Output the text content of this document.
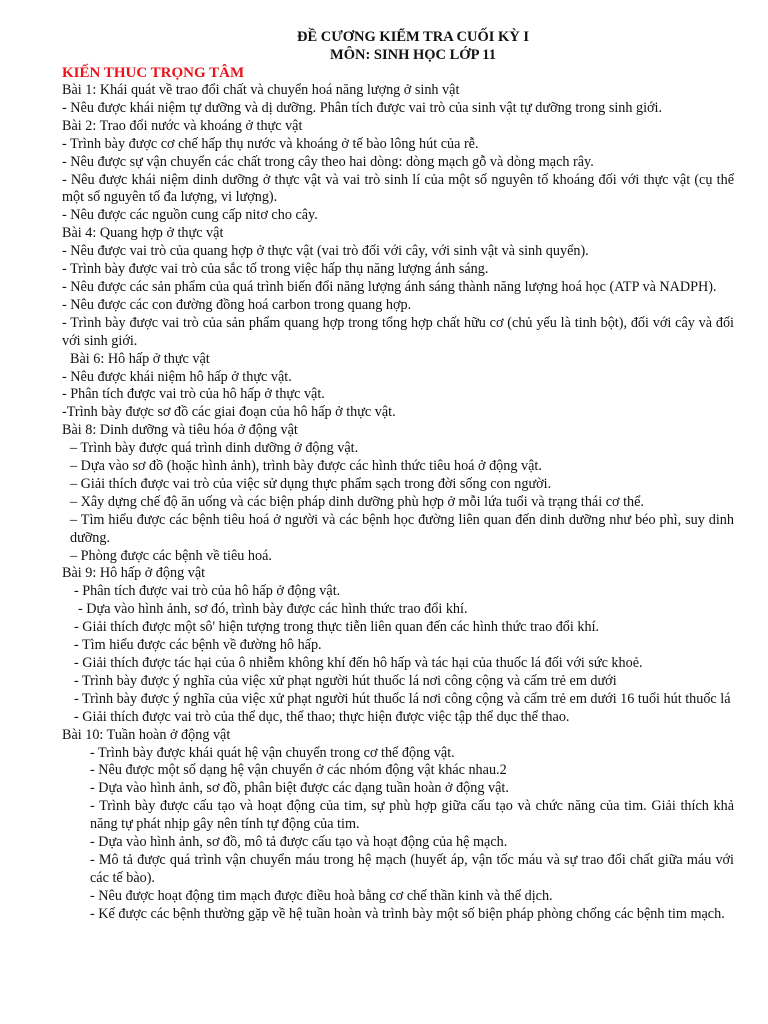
ĐỀ CƯƠNG KIỂM TRA CUỐI KỲ I

MÔN: SINH HỌC LỚP 11

KIẾN THUC TRỌNG TÂM

Bài 1: Khái quát về trao đổi chất và chuyển hoá năng lượng ở sinh vật

- Nêu được khái niệm tự dưỡng và dị dưỡng. Phân tích được vai trò của sinh vật tự dưỡng trong sinh giới.

Bài 2: Trao đổi nước và khoáng ở thực vật

- Trình bày được cơ chế hấp thụ nước và khoáng ở tế bào lông hút của rễ.

- Nêu được sự vận chuyển các chất trong cây theo hai dòng: dòng mạch gỗ và dòng mạch rây.

- Nêu được khái niệm dinh dưỡng ở thực vật và vai trò sinh lí của một số nguyên tố khoáng đối với thực vật (cụ thể một số nguyên tố đa lượng, vi lượng).

- Nêu được các nguồn cung cấp nitơ cho cây.

Bài 4: Quang hợp ở thực vật

- Nêu được vai trò của quang hợp ở thực vật (vai trò đối với cây, với sinh vật và sinh quyển).

- Trình bày được vai trò của sắc tố trong việc hấp thụ năng lượng ánh sáng.

- Nêu được các sản phẩm của quá trình biến đổi năng lượng ánh sáng thành năng lượng hoá học (ATP và NADPH).

- Nêu được các con đường đồng hoá carbon trong quang hợp.

- Trình bày được vai trò của sản phẩm quang hợp trong tổng hợp chất hữu cơ (chủ yếu là tinh bột), đối với cây và đối với sinh giới.

Bài 6: Hô hấp ở thực vật

- Nêu được khái niệm hô hấp ở thực vật.

- Phân tích được vai trò của hô hấp ở thực vật.

-Trình bày được sơ đồ các giai đoạn của hô hấp ở thực vật.

Bài 8: Dinh dưỡng và tiêu hóa ở động vật

– Trình bày được quá trình dinh dưỡng ở động vật.

– Dựa vào sơ đồ (hoặc hình ảnh), trình bày được các hình thức tiêu hoá ở động vật.

– Giải thích được vai trò của việc sử dụng thực phẩm sạch trong đời sống con người.

– Xây dựng chế độ ăn uống và các biện pháp dinh dưỡng phù hợp ở mỗi lứa tuổi và trạng thái cơ thể.

– Tìm hiểu được các bệnh tiêu hoá ở người và các bệnh học đường liên quan đến dinh dưỡng như béo phì, suy dinh dưỡng.

– Phòng được các bệnh về tiêu hoá.

Bài 9: Hô hấp ở động vật

- Phân tích được vai trò của hô hấp ở động vật.

- Dựa vào hình ảnh, sơ đó, trình bày được các hình thức trao đổi khí.

- Giải thích được một sô' hiện tượng trong thực tiễn liên quan đến các hình thức trao đổi khí.

- Tìm hiểu được các bệnh về đường hô hấp.

- Giải thích được tác hại của ô nhiễm không khí đến hô hấp và tác hại của thuốc lá đối với sức khoẻ.

- Trình bày được ý nghĩa của việc xử phạt người hút thuốc lá nơi công cộng và cấm trẻ em dưới

- Trình bày được ý nghĩa của việc xử phạt người hút thuốc lá nơi công cộng và cấm trẻ em dưới 16 tuổi hút thuốc lá

- Giải thích được vai trò của thể dục, thể thao; thực hiện được việc tập thể dục thể thao.

Bài 10: Tuần hoàn ở động vật

- Trình bày được khái quát hệ vận chuyển trong cơ thể động vật.

- Nêu được một số dạng hệ vận chuyển ở các nhóm động vật khác nhau.2

- Dựa vào hình ảnh, sơ đồ, phân biệt được các dạng tuần hoàn ở động vật.

- Trình bày được cấu tạo và hoạt động của tim, sự phù hợp giữa cấu tạo và chức năng của tim. Giải thích khả năng tự phát nhịp gây nên tính tự động của tim.

- Dựa vào hình ảnh, sơ đồ, mô tả được cấu tạo và hoạt động của hệ mạch.

- Mô tả được quá trình vận chuyển máu trong hệ mạch (huyết áp, vận tốc máu và sự trao đổi chất giữa máu với các tế bào).

- Nêu được hoạt động tim mạch được điều hoà bằng cơ chế thần kinh và thể dịch.

- Kế được các bệnh thường gặp về hệ tuần hoàn và trình bày một số biện pháp phòng chống các bệnh tim mạch.
